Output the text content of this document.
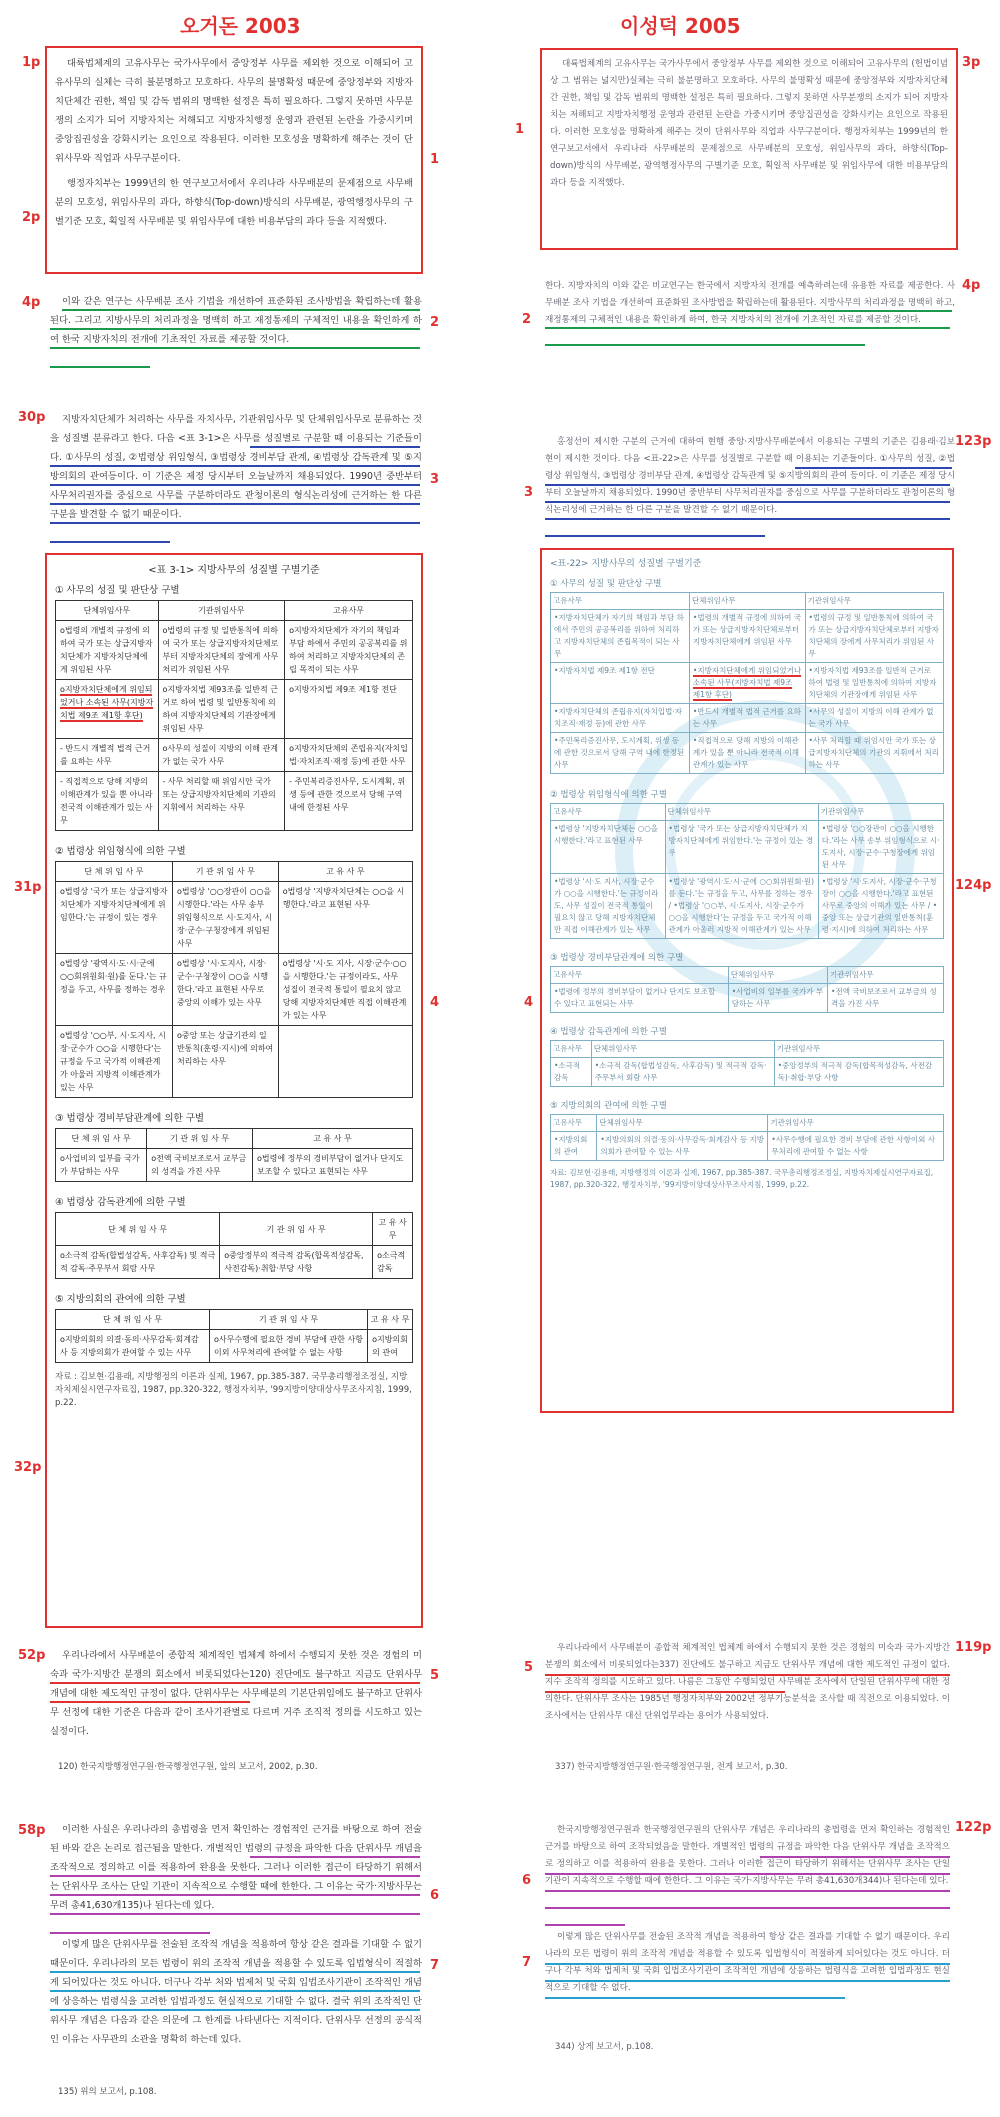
오거돈 2003	이성덕 2005
1p
2p
대륙법체계의 고유사무는 국가사무에서 중앙정부 사무를 제외한 것으로 이해되어 고유사무의 실체는 극히 불분명하고 모호하다. 사무의 불명확성 때문에 중앙정부와 지방자치단체간 권한, 책임 및 감독 범위의 명백한 설정은 특히 필요하다. 그렇지 못하면 사무분쟁의 소지가 되어 지방자치는 저해되고 지방자치행정 운영과 관련된 논란을 가중시키며 중앙집권성을 강화시키는 요인으로 작용된다. 이러한 모호성을 명확하게 해주는 것이 단위사무와 직업과 사무구분이다.
행정자치부는 1999년의 한 연구보고서에서 우리나라 사무배분의 문제점으로 사무배분의 모호성, 위임사무의 과다, 하향식(Top-down)방식의 사무배분, 광역행정사무의 구별기준 모호, 획일적 사무배분 및 위임사무에 대한 비용부담의 과다 등을 지적했다.
1
4p	이와 같은 연구는 사무배분 조사 기법을 개선하여 표준화된 조사방법을 확립하는데 활용된다. 그리고 지방사무의 처리과정을 명백히 하고 재정통제의 구체적인 내용을 확인하게 하여 한국 지방자치의 전개에 기초적인 자료를 제공할 것이다.
2
30p	지방자치단체가 처리하는 사무를 자치사무, 기관위임사무 및 단체위임사무로 분류하는 것을 성질별 분류라고 한다. 다음 <표 3-1>은 사무를 성질별로 구분할 때 이용되는 기준들이다. ①사무의 성질, ②법령상 위임형식, ③법령상 경비부담 관계, ④법령상 감독관계 및 ⑤지방의회의 관여등이다. 이 기준은 제정 당시부터 오늘날까지 채용되었다. 1990년 중반부터 사무처리권자를 중심으로 사무를 구분하더라도 관청이론의 형식논리성에 근거하는 한 다른 구분을 발견할 수 없기 때문이다.
3
31p
32p
4
<표 3-1> 지방사무의 성질별 구별기준
① 사무의 성질 및 판단상 구별
단체위임사무	기관위임사무	고유사무
o법령의 개별적 규정에 의하여 국가 또는 상급지방자치단체가 지방자치단체에게 위임된 사무	o법령의 규정 및 일반통칙에 의하여 국가 또는 상급지방자치단체로부터 지방자치단체의 장에게 사무처리가 위임된 사무	o지방자치단체가 자기의 책임과 부담 하에서 주민의 공공복리를 위하여 처리하고 지방자치단체의 존립 목적이 되는 사무
o지방자치단체에게 위임되었거나 소속된 사무(지방자치법 제9조 제1항 후단)	o지방자치법 제93조를 일반적 근거로 하여 법령 및 일반통칙에 의하여 지방자치단체의 기관장에게 위임된 사무	o지방자치법 제9조 제1항 전단
- 반드시 개별적 법적 근거를 요하는 사무	o사무의 성질이 지방의 이해 관계가 없는 국가 사무	o지방자치단체의 존립유지(자치입법·자치조직·재정 등)에 관한 사무
- 직접적으로 당해 지방의 이해관계가 있을 뿐 아니라 전국적 이해관계가 있는 사무	- 사무 처리할 때 위임시안 국가 또는 상급지방자치단체의 기관의 지휘에서 처리하는 사무	- 주민복리증진사무, 도시계획, 위생 등에 관한 것으로서 당해 구역 내에 한정된 사무
② 법령상 위임형식에 의한 구별
단 체 위 임 사 무	기 관 위 임 사 무	고 유 사 무
o법령상 '국가 또는 상급지방자치단체가 지방자치단체에게 위임한다.'는 규정이 있는 경우	o법령상 '○○장관이 ○○을 시행한다.'라는 사무 송부 위임형식으로 시·도지사, 시장·군수·구청장에게 위임된 사무	o법령상 '지방자치단체는 ○○을 시행한다.'라고 표현된 사무
o법령상 '광역시·도·시·군에 ○○회위원회·원)를 둔다.'는 규정을 두고, 사무를 정하는 경우	o법령상 '시·도지사, 시장·군수·구청장이 ○○을 시행한다.'라고 표현된 사무로 중앙의 이해가 있는 사무	o법령상 '시·도 지사, 시장·군수·○○을 시행한다.'는 규정이라도, 사무 성질이 전국적 통일이 필요치 않고 당해 지방자치단체만 직접 이해관계가 있는 사무
o법령상 '○○부, 시·도지사, 시장·군수가 ○○을 시행한다'는 규정을 두고 국가적 이해관계가 아울러 지방적 이해관계가 있는 사무	o중앙 또는 상급기관의 일반통칙(훈령·지시)에 의하여 처리하는 사무	
③ 법령상 경비부담관계에 의한 구별
단 체 위 임 사 무	기 관 위 임 사 무	고 유 사 무
o사업비의 일부를 국가가 부담하는 사무	o전액 국비보조로서 교부금의 성격을 가진 사무	o법령에 정부의 경비부담이 없거나 단지도 보조할 수 있다고 표현되는 사무
④ 법령상 감독관계에 의한 구별
단 체 위 임 사 무	기 관 위 임 사 무	고 유 사 무
o소극적 감독(합법성감독, 사후감독) 및 적극적 감독·주무부서 회람 사무	o중앙정부의 적극적 감독(합목적성감독, 사전감독)·취합·부당 사항	o소극적 감독
⑤ 지방의회의 관여에 의한 구별
단 체 위 임 사 무	기 관 위 임 사 무	고 유 사 무
o지방의회의 의결·동의·사무감독·회계감사 등 지방의회가 관여할 수 있는 사무	o사무수행에 필요한 경비 부담에 관한 사항이외 사무처리에 관여할 수 없는 사항	o지방의회의 관여
자료 : 김보현·김용래, 지방행정의 이론과 실제, 1967, pp.385-387. 국무총리행정조정실, 지방자치제실시연구자료집, 1987, pp.320-322, 행정자치부, '99지방이양대상사무조사지침, 1999, p.22.
52p	우리나라에서 사무배분이 종합적 체계적인 법체계 하에서 수행되지 못한 것은 경험의 미숙과 국가·지방간 분쟁의 회소에서 비롯되었다는120) 진단에도 불구하고 지금도 단위사무 개념에 대한 제도적인 규정이 없다. 단위사무는 사무배분의 기본단위임에도 불구하고 단위사무 선정에 대한 기준은 다음과 같이 조사기관별로 다르며 거주 조직적 정의를 시도하고 있는 실정이다.
5
120) 한국지방행정연구원·한국행정연구원, 앞의 보고서, 2002, p.30.
58p	이러한 사실은 우리나라의 총법령을 먼저 확인하는 경험적인 근거를 바탕으로 하여 전술된 바와 같은 논리로 접근됨을 말한다. 개별적인 법령의 규정을 파악한 다음 단위사무 개념을 조작적으로 정의하고 이를 적용하여 완용을 못한다. 그러나 이러한 접근이 타당하기 위해서는 단위사무 조사는 단일 기관이 지속적으로 수행할 때에 한한다. 그 이유는 국가·지방사무는 무려 총41,630개135)나 된다는데 있다.
6
이렇게 많은 단위사무를 전술된 조작적 개념을 적용하여 항상 같은 결과를 기대할 수 없기 때문이다. 우리나라의 모든 법령이 위의 조작적 개념을 적용할 수 있도록 입법형식이 적절하게 되어있다는 것도 아니다. 더구나 각부 처와 법제처 및 국회 입법조사기관이 조작적인 개념에 상응하는 법령식을 고려한 입법과정도 현실적으로 기대할 수 없다. 결국 위의 조작적인 단위사무 개념은 다음과 같은 의문에 그 한계를 나타낸다는 지적이다. 단위사무 선정의 공식적인 이유는 사무관의 소관을 명확히 하는데 있다.
7
135) 위의 보고서, p.108.
3p
1
대륙법체계의 고유사무는 국가사무에서 중앙정부 사무를 제외한 것으로 이해되어 고유사무의 (헌법이념상 그 범위는 넓지만)실체는 극히 불분명하고 모호하다. 사무의 불명확성 때문에 중앙정부와 지방자치단체간 권한, 책임 및 감독 범위의 명백한 설정은 특히 필요하다. 그렇지 못하면 사무분쟁의 소지가 되어 지방자치는 저해되고 지방자치행정 운영과 관련된 논란을 가중시키며 중앙집권성을 강화시키는 요인으로 작용된다. 이러한 모호성을 명확하게 해주는 것이 단위사무와 직업과 사무구분이다. 행정자치부는 1999년의 한 연구보고서에서 우리나라 사무배분의 문제점으로 사무배분의 모호성, 위임사무의 과다, 하향식(Top-down)방식의 사무배분, 광역행정사무의 구별기준 모호, 획일적 사무배분 및 위임사무에 대한 비용부담의 과다 등을 지적했다.
4p
2
한다. 지방자치의 이와 같은 비교연구는 한국에서 지방자치 전개를 예측하려는데 유용한 자료를 제공한다. 사무배분 조사 기법을 개선하여 표준화된 조사방법을 확립하는데 활용된다. 지방사무의 처리과정을 명백히 하고, 재정통제의 구체적인 내용을 확인하게 하여, 한국 지방자치의 전개에 기초적인 자료를 제공할 것이다.
123p
3
홍정선이 제시한 구분의 근거에 대하여 현행 중앙·지방사무배분에서 이용되는 구별의 기준은 김용래·김보현이 제시한 것이다. 다음 <표-22>은 사무를 성질별로 구분할 때 이용되는 기준들이다. ①사무의 성질, ②법령상 위임형식, ③법령상 경비부담 관계, ④법령상 감독관계 및 ⑤지방의회의 관여 등이다. 이 기준은 제정 당시부터 오늘날까지 채용되었다. 1990년 중반부터 사무처리권자를 중심으로 사무를 구분하더라도 관청이론의 형식논리성에 근거하는 한 다른 구분을 발견할 수 없기 때문이다.
124p
4
<표-22> 지방사무의 성질별 구별기준
① 사무의 성질 및 판단상 구별
고유사무	단체위임사무	기관위임사무
•지방자치단체가 자기의 책임과 부담 하에서 주민의 공공복리를 위하여 처리하고 지방자치단체의 존립목적이 되는 사무	•법령의 개별적 규정에 의하여 국가 또는 상급지방자치단체로부터 지방자치단체에게 위임된 사무	•법령의 규정 및 일반통칙에 의하여 국가 또는 상급지방자치단체로부터 지방자치단체의 장에게 사무처리가 위임된 사무
•지방자치법 제9조 제1항 전단	•지방자치단체에게 위임되었거나 소속된 사무(지방자치법 제9조 제1항 후단)	•지방자치법 제93조를 일반적 근거로 하여 법령 및 일반통칙에 의하여 지방자치단체의 기관장에게 위임된 사무
•지방자치단체의 존립유지(자치입법·자치조직·재정 등)에 관한 사무	•반드시 개별적 법적 근거를 요하는 사무	•사무의 성질이 지방의 이해 관계가 없는 국가 사무
•주민복리증진사무, 도시계획, 위생 등에 관한 것으로서 당해 구역 내에 한정된 사무	•직접적으로 당해 지방의 이해관계가 있을 뿐 아니라 전국적 이해관계가 있는 사무	•사무 처리할 때 위임시안 국가 또는 상급지방자치단체의 기관의 지휘에서 처리하는 사무
② 법령상 위임형식에 의한 구별
고유사무	단체위임사무	기관위임사무
•법령상 '지방자치단체는 ○○을 시행한다.'라고 표현된 사무	•법령상 '국가 또는 상급지방자치단체가 지방자치단체에게 위임한다.'는 규정이 있는 경우	•법령상 '○○장관이 ○○을 시행한다.'라는 사무 송부 위임형식으로 시·도지사, 시장·군수·구청장에게 위임된 사무
•법령상 '시·도 지사, 시장·군수가 ○○을 시행한다.'는 규정이라도, 사무 성질이 전국적 통일이 필요치 않고 당해 지방자치단체만 직접 이해관계가 있는 사무	•법령상 '광역시·도·시·군에 ○○회위원회·원)를 둔다.'는 규정을 두고, 사무를 정하는 경우 / •법령상 '○○부, 시·도지사, 시장·군수가 ○○을 시행한다'는 규정을 두고 국가적 이해관계가 아울러 지방적 이해관계가 있는 사무	•법령상 '시·도지사, 시장·군수·구청장이 ○○을 시행한다.'라고 표현된 사무로 중앙의 이해가 있는 사무 / •중앙 또는 상급기관의 일반통칙(훈령·지시)에 의하여 처리하는 사무
③ 법령상 경비부담관계에 의한 구별
고유사무	단체위임사무	기관위임사무
•법령에 정부의 경비부담이 없거나 단지도 보조할 수 있다고 표현되는 사무	•사업비의 일부를 국가가 부담하는 사무	•전액 국비보조로서 교부금의 성격을 가진 사무
④ 법령상 감독관계에 의한 구별
고유사무	단체위임사무	기관위임사무
•소극적 감독	•소극적 감독(합법성감독, 사후감독) 및 적극적 감독·주무부서 회람 사무	•중앙정부의 적극적 감독(합목적성감독, 사전감독)·취합·부당 사항
⑤ 지방의회의 관여에 의한 구별
고유사무	단체위임사무	기관위임사무
•지방의회의 관여	•지방의회의 의결·동의·사무감독·회계감사 등 지방의회가 관여할 수 있는 사무	•사무수행에 필요한 경비 부담에 관한 사항이외 사무처리에 관여할 수 없는 사항
자료: 김보현·김용래, 지방행정의 이론과 실제, 1967, pp.385-387. 국무총리행정조정실, 지방자치제실시연구자료집, 1987, pp.320-322, 행정자치부, '99지방이양대상사무조사지침, 1999, p.22.
119p
5
우리나라에서 사무배분이 종합적 체계적인 법체계 하에서 수행되지 못한 것은 경험의 미숙과 국가·지방간 분쟁의 회소에서 비롯되었다는337) 진단에도 불구하고 지금도 단위사무 개념에 대한 제도적인 규정이 없다. 지수 조작적 정의를 시도하고 있다. 나름은 그동안 수행되었던 사무배분 조사에서 단일된 단위사무에 대한 정의한다. 단위사무 조사는 1985년 행정자치부와 2002년 정부기능분석을 조사할 때 직전으로 이용되었다. 이 조사에서는 단위사무 대신 단위업무라는 용어가 사용되었다.
337) 한국지방행정연구원·한국행정연구원, 전게 보고서, p.30.
122p
6
한국지방행정연구원과 한국행정연구원의 단위사무 개념은 우리나라의 총법령을 먼저 확인하는 경험적인 근거를 바탕으로 하여 조작되었음을 말한다. 개별적인 법령의 규정을 파악한 다음 단위사무 개념을 조작적으로 정의하고 이를 적용하여 완용을 못한다. 그러나 이러한 접근이 타당하기 위해서는 단위사무 조사는 단일 기관이 지속적으로 수행할 때에 한한다. 그 이유는 국가·지방사무는 무려 총41,630개344)나 된다는데 있다.
7
이렇게 많은 단위사무를 전술된 조작적 개념을 적용하여 항상 같은 결과를 기대할 수 없기 때문이다. 우리나라의 모든 법령이 위의 조작적 개념을 적용할 수 있도록 입법형식이 적절하게 되어있다는 것도 아니다. 더구나 각부 처와 법제처 및 국회 입법조사기관이 조작적인 개념에 상응하는 법령식을 고려한 입법과정도 현실적으로 기대할 수 없다.
344) 상게 보고서, p.108.
